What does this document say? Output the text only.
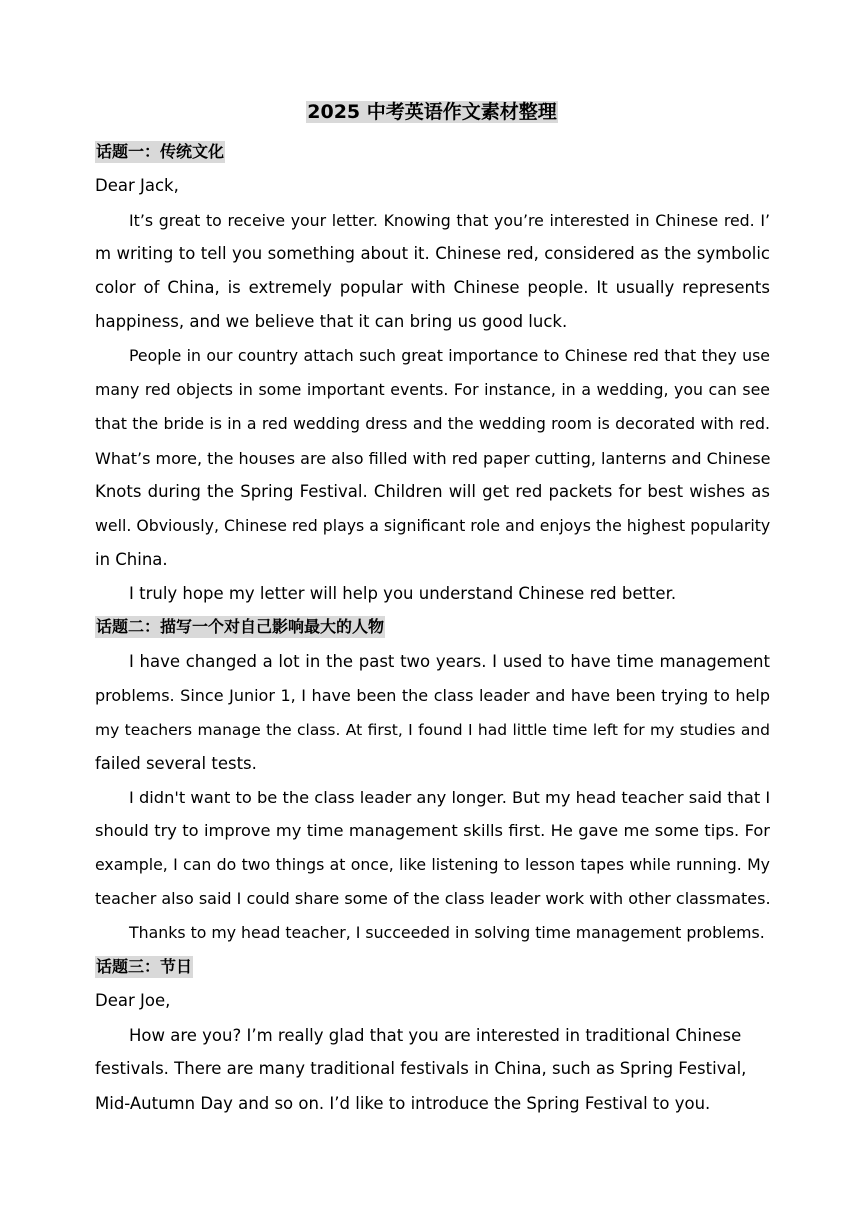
2025 中考英语作文素材整理
话题一：传统文化
Dear Jack,
It’s great to receive your letter. Knowing that you’re interested in Chinese red. I’
m writing to tell you something about it. Chinese red, considered as the symbolic
color of China, is extremely popular with Chinese people. It usually represents
happiness, and we believe that it can bring us good luck.
People in our country attach such great importance to Chinese red that they use
many red objects in some important events. For instance, in a wedding, you can see
that the bride is in a red wedding dress and the wedding room is decorated with red.
What’s more, the houses are also filled with red paper cutting, lanterns and Chinese
Knots during the Spring Festival. Children will get red packets for best wishes as
well. Obviously, Chinese red plays a significant role and enjoys the highest popularity
in China.
I truly hope my letter will help you understand Chinese red better.
话题二：描写一个对自己影响最大的人物
I have changed a lot in the past two years. I used to have time management
problems. Since Junior 1, I have been the class leader and have been trying to help
my teachers manage the class. At first, I found I had little time left for my studies and
failed several tests.
I didn't want to be the class leader any longer. But my head teacher said that I
should try to improve my time management skills first. He gave me some tips. For
example, I can do two things at once, like listening to lesson tapes while running. My
teacher also said I could share some of the class leader work with other classmates.
Thanks to my head teacher, I succeeded in solving time management problems.
话题三：节日
Dear Joe,
How are you? I’m really glad that you are interested in traditional Chinese
festivals. There are many traditional festivals in China, such as Spring Festival,
Mid-Autumn Day and so on. I’d like to introduce the Spring Festival to you.
